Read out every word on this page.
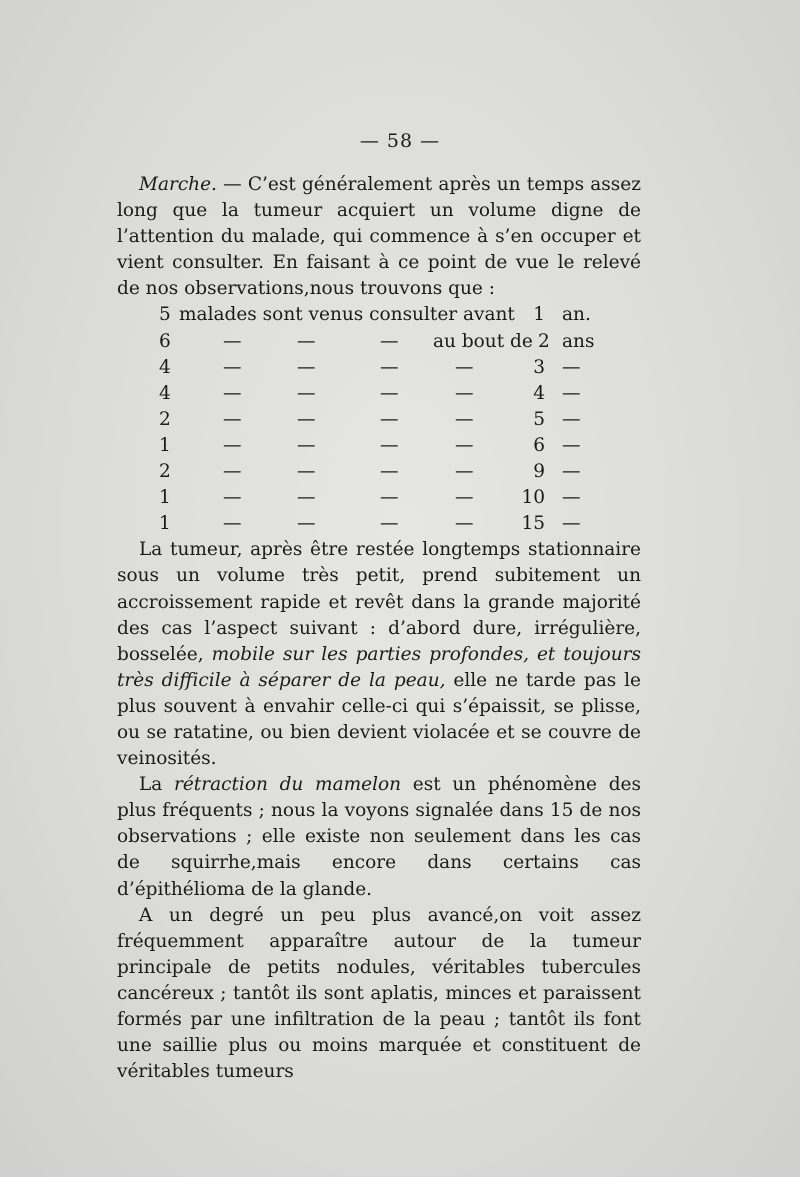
— 58 —

Marche. — C’est généralement après un temps assez long que la tumeur acquiert un volume digne de l’attention du malade, qui commence à s’en occuper et vient consulter. En faisant à ce point de vue le relevé de nos observations,nous trouvons que :

5 malades sont venus consulter avant 1 an.
6	—	—	— au bout de 2 ans
4	—	—	—	—	3 —
4	—	—	—	—	4 —
2	—	—	—	—	5 —
1	—	—	—	—	6 —
2	—	—	—	—	9 —
1	—	—	—	—	10 —
1	—	—	—	—	15 —

La tumeur, après être restée longtemps stationnaire sous un volume très petit, prend subitement un accroissement rapide et revêt dans la grande majorité des cas l’aspect suivant : d’abord dure, irrégulière, bosselée, mobile sur les parties profondes, et toujours très difficile à séparer de la peau, elle ne tarde pas le plus souvent à envahir celle-ci qui s’épaissit, se plisse, ou se ratatine, ou bien devient violacée et se couvre de veinosités.

La rétraction du mamelon est un phénomène des plus fréquents ; nous la voyons signalée dans 15 de nos observations ; elle existe non seulement dans les cas de squirrhe,mais encore dans certains cas d’épithélioma de la glande.

A un degré un peu plus avancé,on voit assez fréquemment apparaître autour de la tumeur principale de petits nodules, véritables tubercules cancéreux ; tantôt ils sont aplatis, minces et paraissent formés par une infiltration de la peau ; tantôt ils font une saillie plus ou moins marquée et constituent de véritables tumeurs
